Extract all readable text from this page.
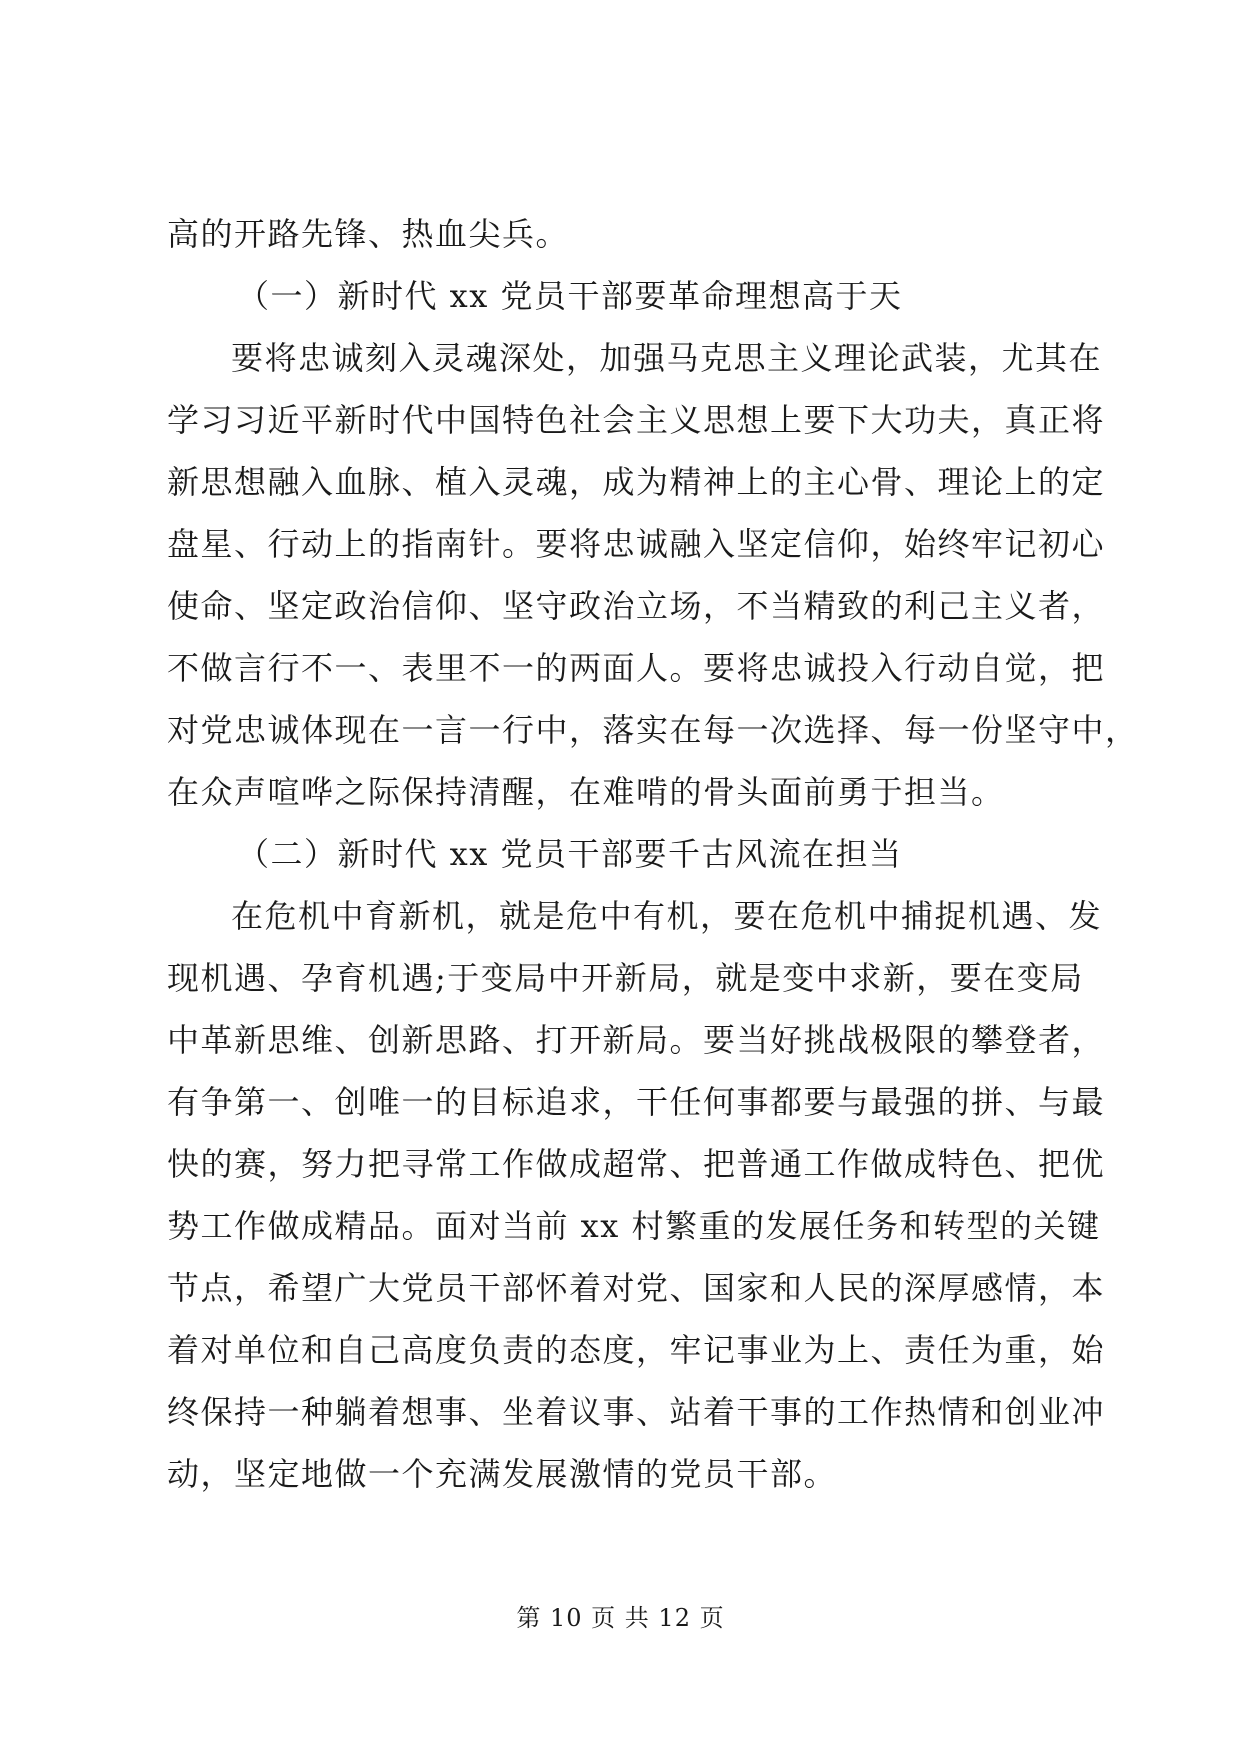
高的开路先锋、热血尖兵。
（一）新时代 xx 党员干部要革命理想高于天
要将忠诚刻入灵魂深处，加强马克思主义理论武装，尤其在
学习习近平新时代中国特色社会主义思想上要下大功夫，真正将
新思想融入血脉、植入灵魂，成为精神上的主心骨、理论上的定
盘星、行动上的指南针。要将忠诚融入坚定信仰，始终牢记初心
使命、坚定政治信仰、坚守政治立场，不当精致的利己主义者，
不做言行不一、表里不一的两面人。要将忠诚投入行动自觉，把
对党忠诚体现在一言一行中，落实在每一次选择、每一份坚守中，
在众声喧哗之际保持清醒，在难啃的骨头面前勇于担当。
（二）新时代 xx 党员干部要千古风流在担当
在危机中育新机，就是危中有机，要在危机中捕捉机遇、发
现机遇、孕育机遇;于变局中开新局，就是变中求新，要在变局
中革新思维、创新思路、打开新局。要当好挑战极限的攀登者，
有争第一、创唯一的目标追求，干任何事都要与最强的拼、与最
快的赛，努力把寻常工作做成超常、把普通工作做成特色、把优
势工作做成精品。面对当前 xx 村繁重的发展任务和转型的关键
节点，希望广大党员干部怀着对党、国家和人民的深厚感情，本
着对单位和自己高度负责的态度，牢记事业为上、责任为重，始
终保持一种躺着想事、坐着议事、站着干事的工作热情和创业冲
动，坚定地做一个充满发展激情的党员干部。
第 10 页 共 12 页
